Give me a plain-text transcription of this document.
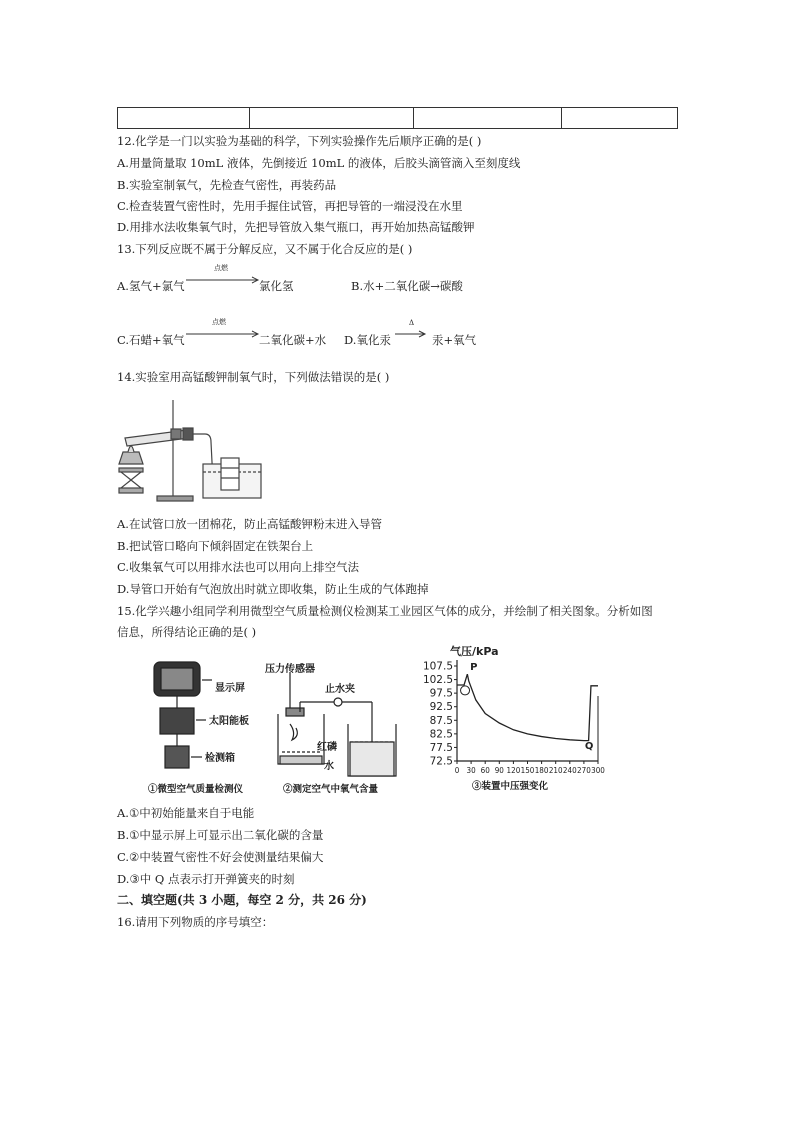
12.化学是一门以实验为基础的科学，下列实验操作先后顺序正确的是( )
A.用量筒量取 10mL 液体，先倒接近 10mL 的液体，后胶头滴管滴入至刻度线
B.实验室制氧气，先检查气密性，再装药品
C.检查装置气密性时，先用手握住试管，再把导管的一端浸没在水里
D.用排水法收集氧气时，先把导管放入集气瓶口，再开始加热高锰酸钾
13.下列反应既不属于分解反应，又不属于化合反应的是( )
A.氢气+氯气
点燃
氯化氢	B.水+二氧化碳→碳酸
C.石蜡+氧气
点燃
二氧化碳+水 D.氧化汞
Δ
→ 汞+氧气
14.实验室用高锰酸钾制氧气时，下列做法错误的是( )
A.在试管口放一团棉花，防止高锰酸钾粉末进入导管
B.把试管口略向下倾斜固定在铁架台上
C.收集氧气可以用排水法也可以用向上排空气法
D.导管口开始有气泡放出时就立即收集，防止生成的气体跑掉
15.化学兴趣小组同学利用微型空气质量检测仪检测某工业园区气体的成分，并绘制了相关图象。分析如图
信息，所得结论正确的是( )
显示屏
太阳能板
检测箱
①微型空气质量检测仪
压力传感器
止水夹
红磷
水
②测定空气中氧气含量
气压/kPa
107.5
102.5
97.5
92.5
87.5
82.5
77.5
72.5
0 30 60 90 120 150 180 210 240 270 300
P
Q
③装置中压强变化
A.①中初始能量来自于电能
B.①中显示屏上可显示出二氧化碳的含量
C.②中装置气密性不好会使测量结果偏大
D.③中 Q 点表示打开弹簧夹的时刻
二、填空题(共 3 小题，每空 2 分，共 26 分)
16.请用下列物质的序号填空：
